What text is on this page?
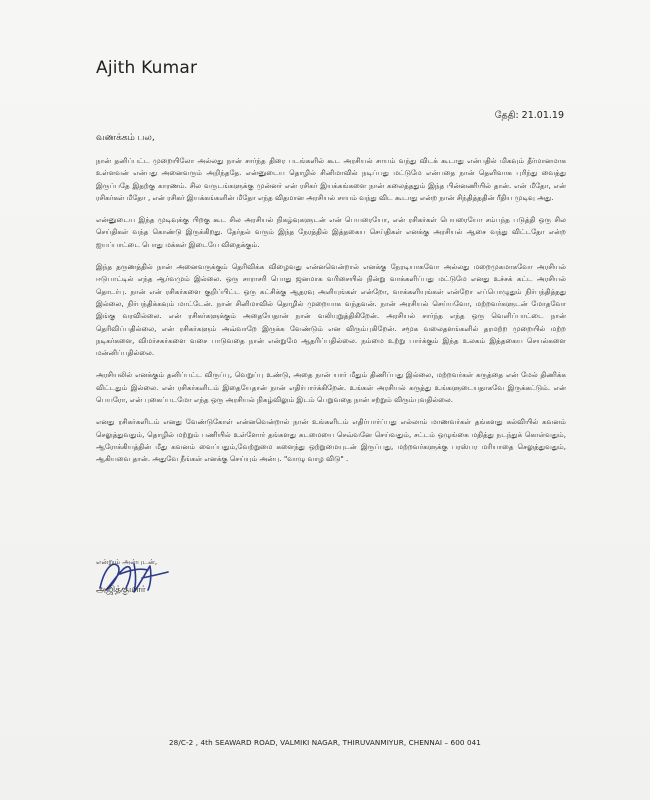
Ajith Kumar
தேதி: 21.01.19
வணக்கம் பல,

நான் தனிப்பட்ட முறையிலோ அல்லது நான் சார்ந்த திரை படங்களில் கூட அரசியல் சாயம் வந்து விடக் கூடாது என்பதில் மிகவும் தீர்மானமாக உள்ளவன் என்பது அனைவரும் அறிந்ததே. என்னுடைய தொழில் சினிமாவில் நடிப்பது மட்டுமே என்பதை நான் தெளிவாக புரிந்து வைத்து இருப்பதே இதற்கு காரணம். சில வருடங்களுக்கு முன்னர் என் ரசிகர் இயக்கங்களை நான் கலைத்ததும் இந்த பின்னணியில் தான். என் மீதோ, என் ரசிகர்கள் மீதோ , என் ரசிகர் இயக்கங்களின் மீதோ எந்த விதமான அரசியல் சாயம் வந்து விட கூடாது என்ற நான் சிந்தித்ததின் ரீதிய முடிவு அது.

என்னுடைய இந்த முடிவுக்கு பிறகு கூட சில அரசியல் நிகழ்வுகளுடன் என் பெயரையோ, என் ரசிகர்கள் பெயரையோ சம்பந்த படுத்தி ஒரு சில செய்திகள் வந்த கொண்டு இருக்கிறது. தேர்தல் வரும் இந்த நேரத்தில் இத்தகைய செய்திகள் எனக்கு அரசியல் ஆசை வந்து விட்டதோ என்ற ஐயப்பாட்டை பொது மக்கள் இடையே விதைக்கும்.

இந்த தருணத்தில் நான் அனைவருக்கும் தெரிவிக்க விழைவது என்னவென்றால் எனக்கு நேரடியாகவோ அல்லது மறைமுகமாகவோ அரசியல் ஈடுபாட்டில் எந்த ஆர்வமும் இல்லை. ஒரு சாராசரி பொது ஜனமாக வரிசையில் நின்று வாக்களிப்பது மட்டுமே எனது உச்சக் கட்ட அரசியல் தொடர்பு. நான் என் ரசிகர்களை குறிப்பிட்ட ஒரு கட்சிக்கு ஆதரவு அளியுங்கள் என்றோ, வாக்களியுங்கள் என்றோ எப்பொழுதும் நிர்பந்தித்தது இல்லை, நிர்பந்திக்கவும் மாட்டேன். நான் சினிமாவில் தொழில் முறையாக வந்தவன். நான் அரசியல் செய்யவோ, மற்றவர்களுடன் மோதவோ இங்கு வரவில்லை. என் ரசிகர்களுக்கும் அதையேதான் நான் வலியுறுத்திகிறேன். அரசியல் சார்ந்த எந்த ஒரு வெளிப்பாட்டை நான் தெரிவிப்பதில்லை, என் ரசிகர்களும் அவ்வாறே இருக்க வேண்டும் என விரும்புகிறேன். சமூக வலைதளங்களில் தரமற்ற முறையில் மற்ற நடிகர்களை, விமர்சகர்களை வசை பாடுவதை நான் என்றுமே ஆதரிப்பதில்லை. நம்மை உற்று பார்க்கும் இந்த உலகம் இத்தகைய செயல்களை மன்னிப்பதில்லை.

அரசியலில் எனக்கும் தனிப்பட்ட விருப்பு, வெறுப்பு உண்டு, அதை நான் யார் மீதும் திணிப்பது இல்லை, மற்றவர்கள் கருத்தை என் மேல் திணிக்க விட்டதும் இல்லை. என் ரசிகர்களிடம் இதையேதான் நான் எதிர்பார்க்கிறேன். உங்கள் அரசியல் கருத்து உங்களுடையதாகவே இருக்கட்டும். என் பெயரோ, என் புகைப்படமோ எந்த ஒரு அரசியல் நிகழ்விலும் இடம் பெறுவதை நான் சற்றும் விரும்புவதில்லை.

எனது ரசிகர்களிடம் எனது வேண்டுகோள் என்னவென்றால் நான் உங்களிடம் எதிர்பார்ப்பது எல்லாம் மாணவர்கள் தங்களது கல்வியில் கவனம் செலுத்துவதும், தொழில் மற்றும் பணியில் உள்ளோர் தங்களது கடமையை செவ்வனே செய்வதும், சட்டம் ஒழுங்கை மதித்து நடந்துக் கொள்வதும், ஆரோக்கியத்தின் மீது கவனம் வைப்பதும்,வேற்றுமை களைந்து ஒற்றுமையுடன் இருப்பது, மற்றவர்களுக்கு பரஸ்பர மரியாதை செலுத்துவதும், ஆகியவை தான். அதுவே நீங்கள் எனக்கு செய்யும் அன்பு. "வாழு வாழ விடு" .

என்றும் அன்புடன்,
அஜித்குமார்
28/C-2 , 4th SEAWARD ROAD, VALMIKI NAGAR, THIRUVANMIYUR, CHENNAI – 600 041
